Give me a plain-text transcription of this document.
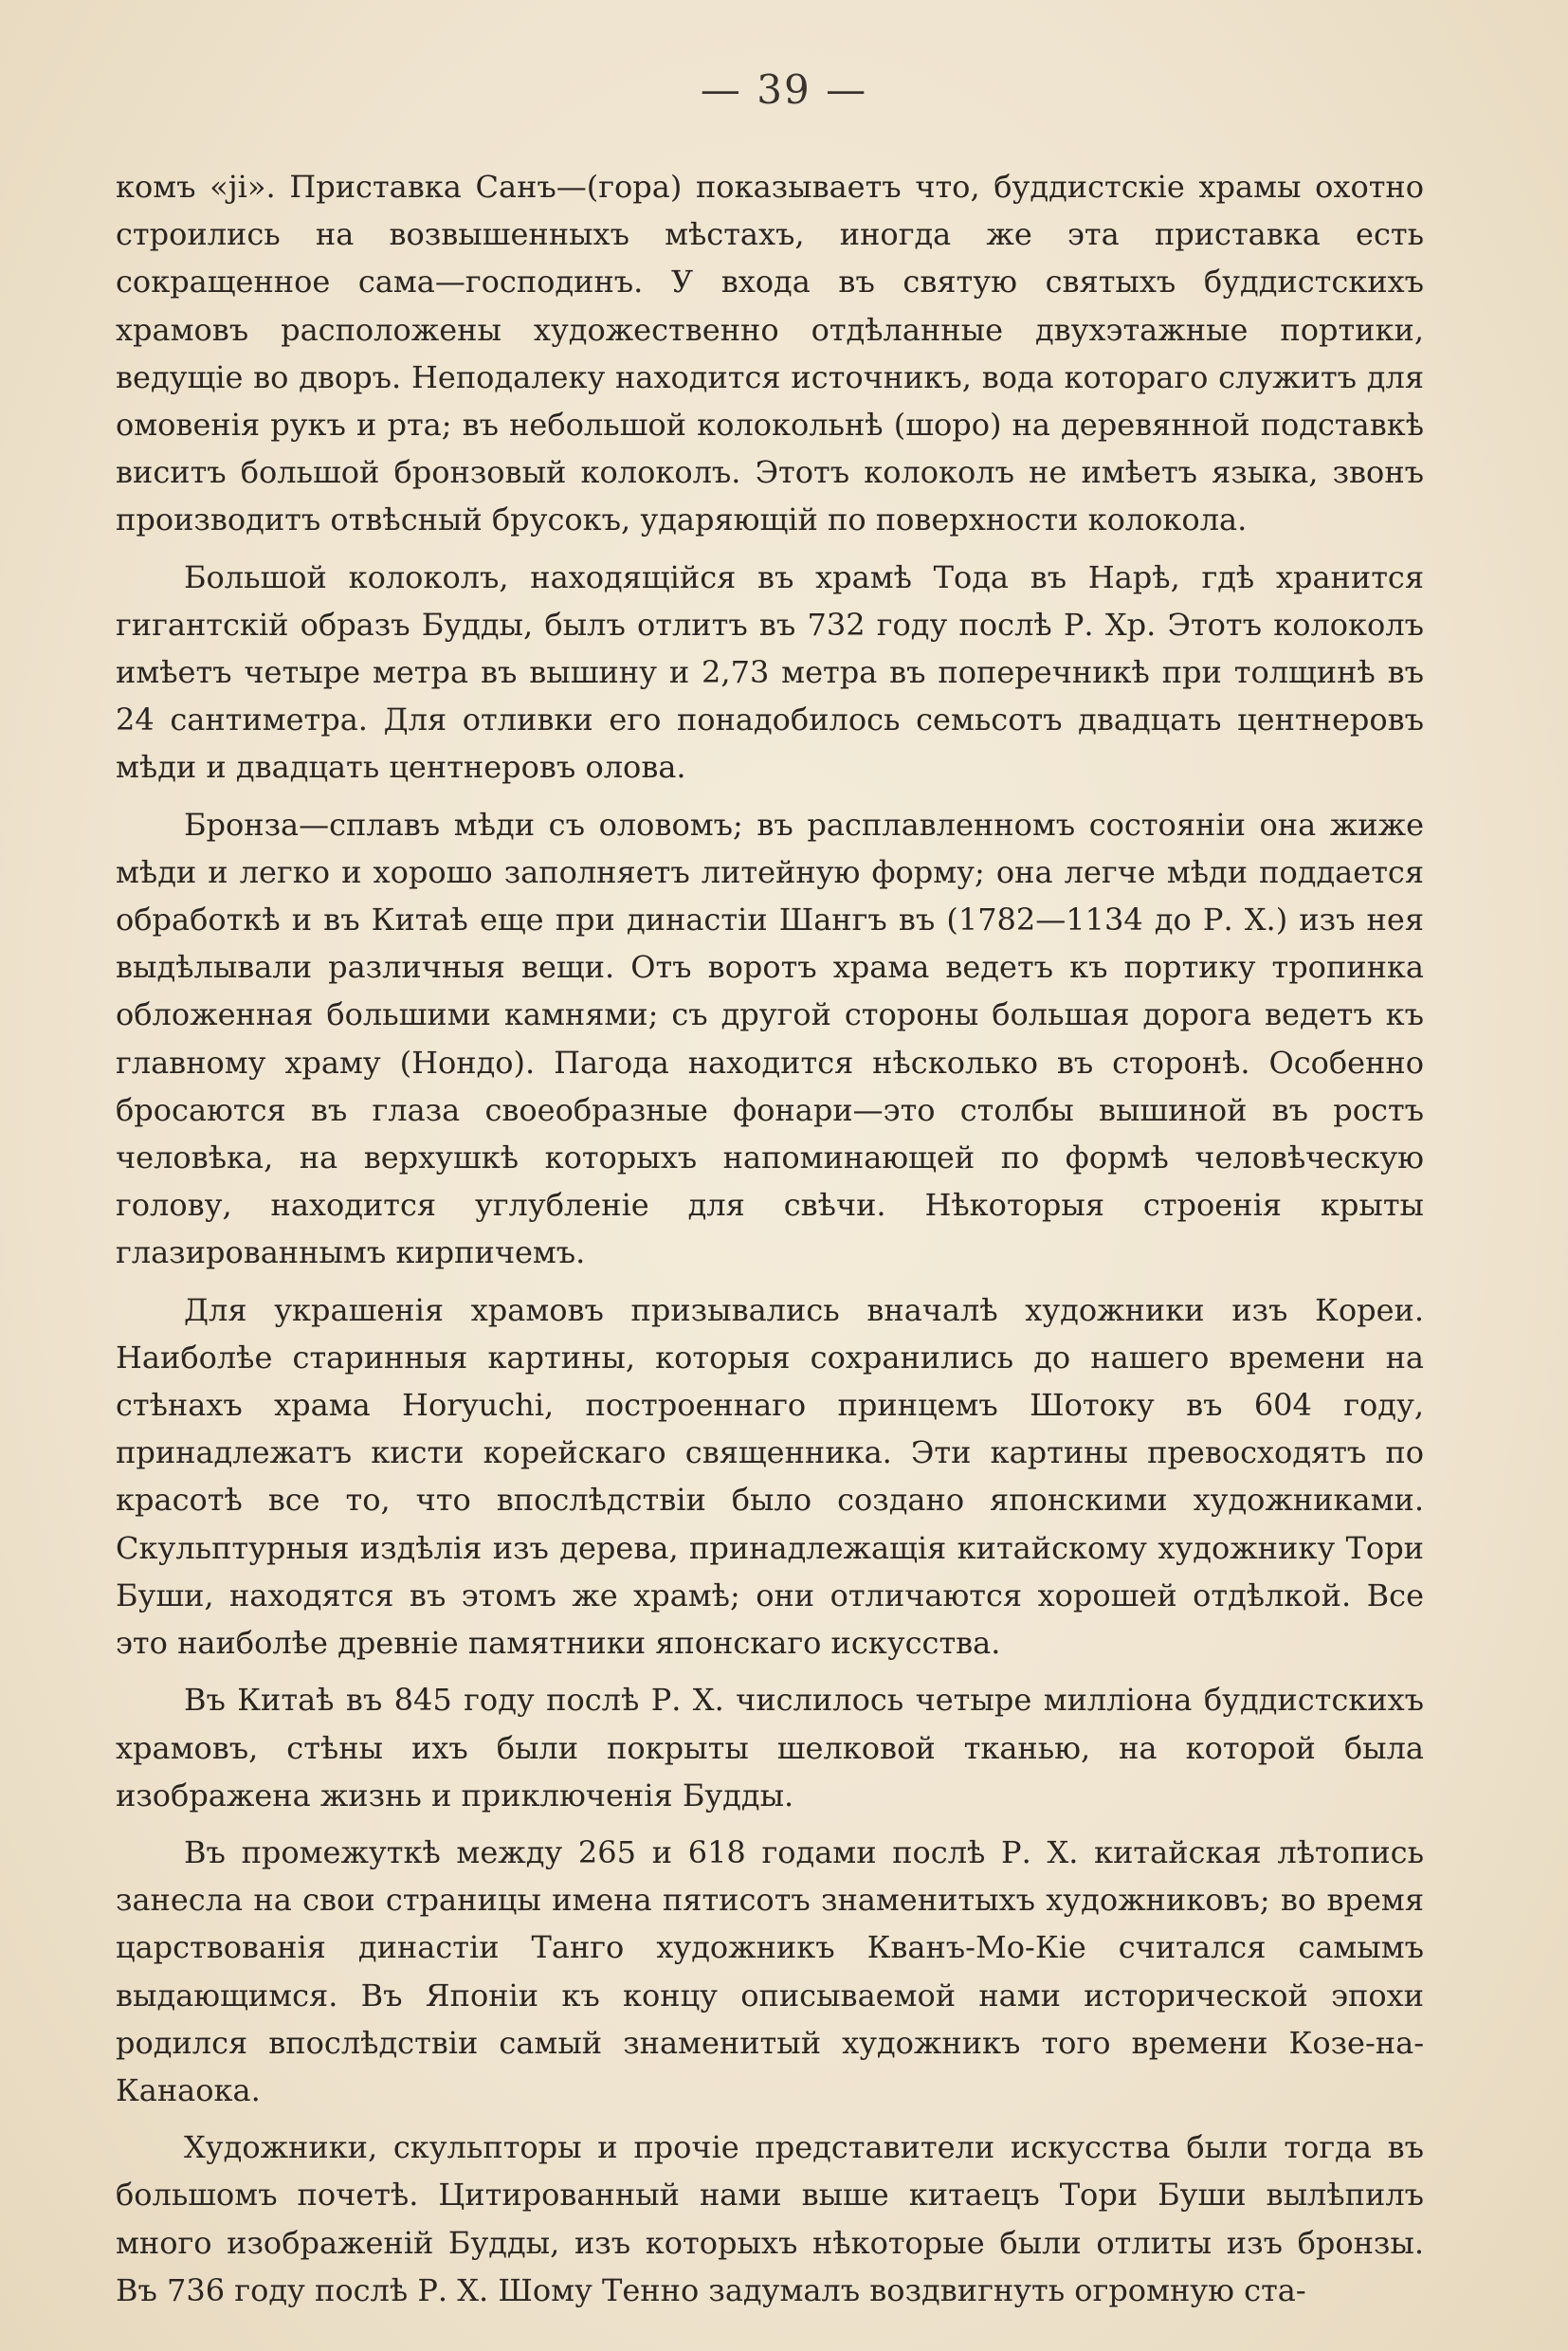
— 39 —

комъ «ji». Приставка Санъ—(гора) показываетъ что, буддистскiе храмы охотно строились на возвышенныхъ мѣстахъ, иногда же эта приставка есть сокращенное сама—господинъ. У входа въ святую святыхъ буддистскихъ храмовъ расположены художественно отдѣланные двухэтажные портики, ведущiе во дворъ. Неподалеку находится источникъ, вода котораго служитъ для омовенiя рукъ и рта; въ небольшой колокольнѣ (шоро) на деревянной подставкѣ виситъ большой бронзовый колоколъ. Этотъ колоколъ не имѣетъ языка, звонъ производитъ отвѣсный брусокъ, ударяющiй по поверхности колокола.

Большой колоколъ, находящiйся въ храмѣ Тода въ Нарѣ, гдѣ хранится гигантскiй образъ Будды, былъ отлитъ въ 732 году послѣ Р. Хр. Этотъ колоколъ имѣетъ четыре метра въ вышину и 2,73 метра въ поперечникѣ при толщинѣ въ 24 сантиметра. Для отливки его понадобилось семьсотъ двадцать центнеровъ мѣди и двадцать центнеровъ олова.

Бронза—сплавъ мѣди съ оловомъ; въ расплавленномъ состоянiи она жиже мѣди и легко и хорошо заполняетъ литейную форму; она легче мѣди поддается обработкѣ и въ Китаѣ еще при династiи Шангъ въ (1782—1134 до Р. Х.) изъ нея выдѣлывали различныя вещи. Отъ воротъ храма ведетъ къ портику тропинка обложенная большими камнями; съ другой стороны большая дорога ведетъ къ главному храму (Нондо). Пагода находится нѣсколько въ сторонѣ. Особенно бросаются въ глаза своеобразные фонари—это столбы вышиной въ ростъ человѣка, на верхушкѣ которыхъ напоминающей по формѣ человѣческую голову, находится углубленiе для свѣчи. Нѣкоторыя строенiя крыты глазированнымъ кирпичемъ.

Для украшенiя храмовъ призывались вначалѣ художники изъ Кореи. Наиболѣе старинныя картины, которыя сохранились до нашего времени на стѣнахъ храма Horyuchi, построеннаго принцемъ Шотоку въ 604 году, принадлежатъ кисти корейскаго священника. Эти картины превосходятъ по красотѣ все то, что впослѣдствiи было создано японскими художниками. Скульптурныя издѣлiя изъ дерева, принадлежащiя китайскому художнику Тори Буши, находятся въ этомъ же храмѣ; они отличаются хорошей отдѣлкой. Все это наиболѣе древнiе памятники японскаго искусства.

Въ Китаѣ въ 845 году послѣ Р. Х. числилось четыре миллiона буддистскихъ храмовъ, стѣны ихъ были покрыты шелковой тканью, на которой была изображена жизнь и приключенiя Будды.

Въ промежуткѣ между 265 и 618 годами послѣ Р. Х. китайская лѣтопись занесла на свои страницы имена пятисотъ знаменитыхъ художниковъ; во время царствованiя династiи Танго художникъ Кванъ-Мо-Кiе считался самымъ выдающимся. Въ Японiи къ концу описываемой нами исторической эпохи родился впослѣдствiи самый знаменитый художникъ того времени Козе-на-Канаока.

Художники, скульпторы и прочiе представители искусства были тогда въ большомъ почетѣ. Цитированный нами выше китаецъ Тори Буши вылѣпилъ много изображенiй Будды, изъ которыхъ нѣкоторые были отлиты изъ бронзы. Въ 736 году послѣ Р. Х. Шому Тенно задумалъ воздвигнуть огромную ста-
